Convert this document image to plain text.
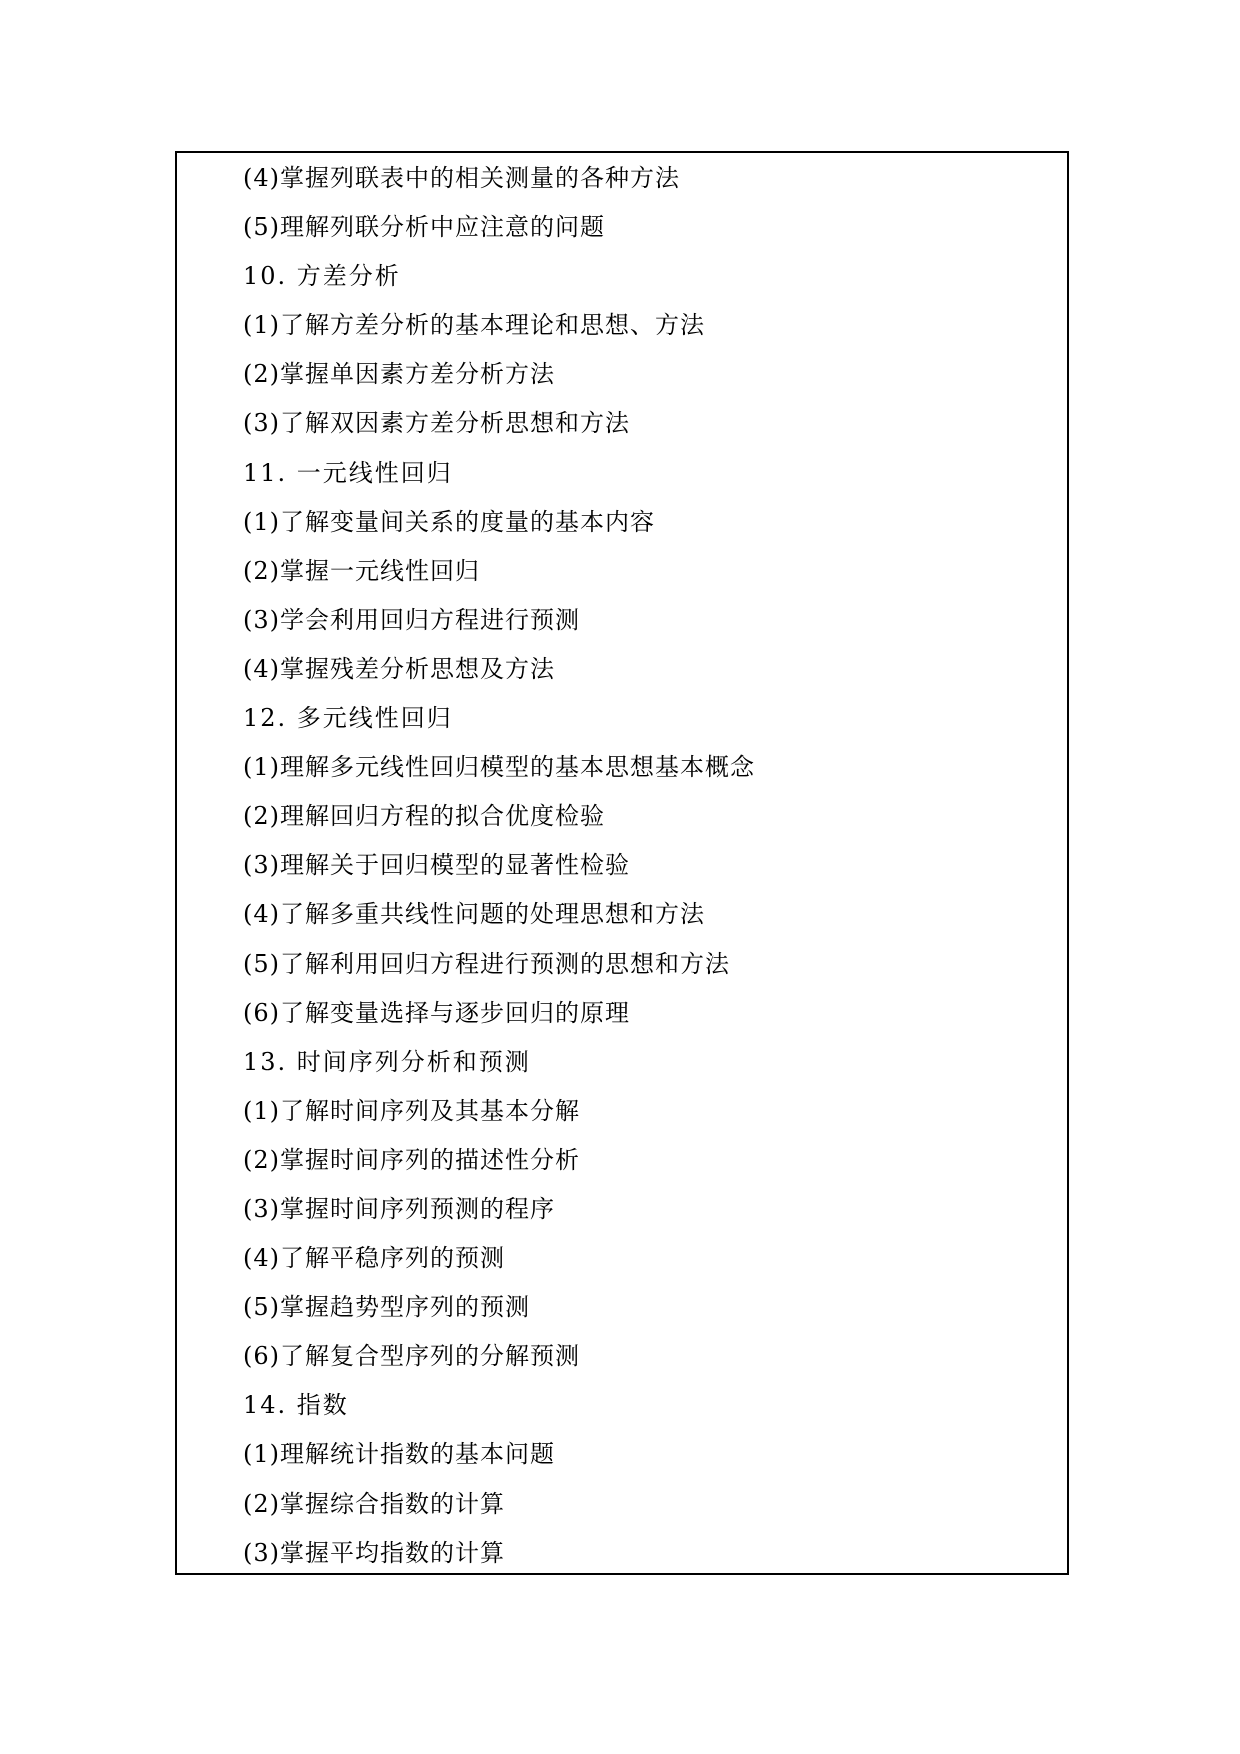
(4)掌握列联表中的相关测量的各种方法
(5)理解列联分析中应注意的问题
10. 方差分析
(1)了解方差分析的基本理论和思想、方法
(2)掌握单因素方差分析方法
(3)了解双因素方差分析思想和方法
11. 一元线性回归
(1)了解变量间关系的度量的基本内容
(2)掌握一元线性回归
(3)学会利用回归方程进行预测
(4)掌握残差分析思想及方法
12. 多元线性回归
(1)理解多元线性回归模型的基本思想基本概念
(2)理解回归方程的拟合优度检验
(3)理解关于回归模型的显著性检验
(4)了解多重共线性问题的处理思想和方法
(5)了解利用回归方程进行预测的思想和方法
(6)了解变量选择与逐步回归的原理
13. 时间序列分析和预测
(1)了解时间序列及其基本分解
(2)掌握时间序列的描述性分析
(3)掌握时间序列预测的程序
(4)了解平稳序列的预测
(5)掌握趋势型序列的预测
(6)了解复合型序列的分解预测
14. 指数
(1)理解统计指数的基本问题
(2)掌握综合指数的计算
(3)掌握平均指数的计算
